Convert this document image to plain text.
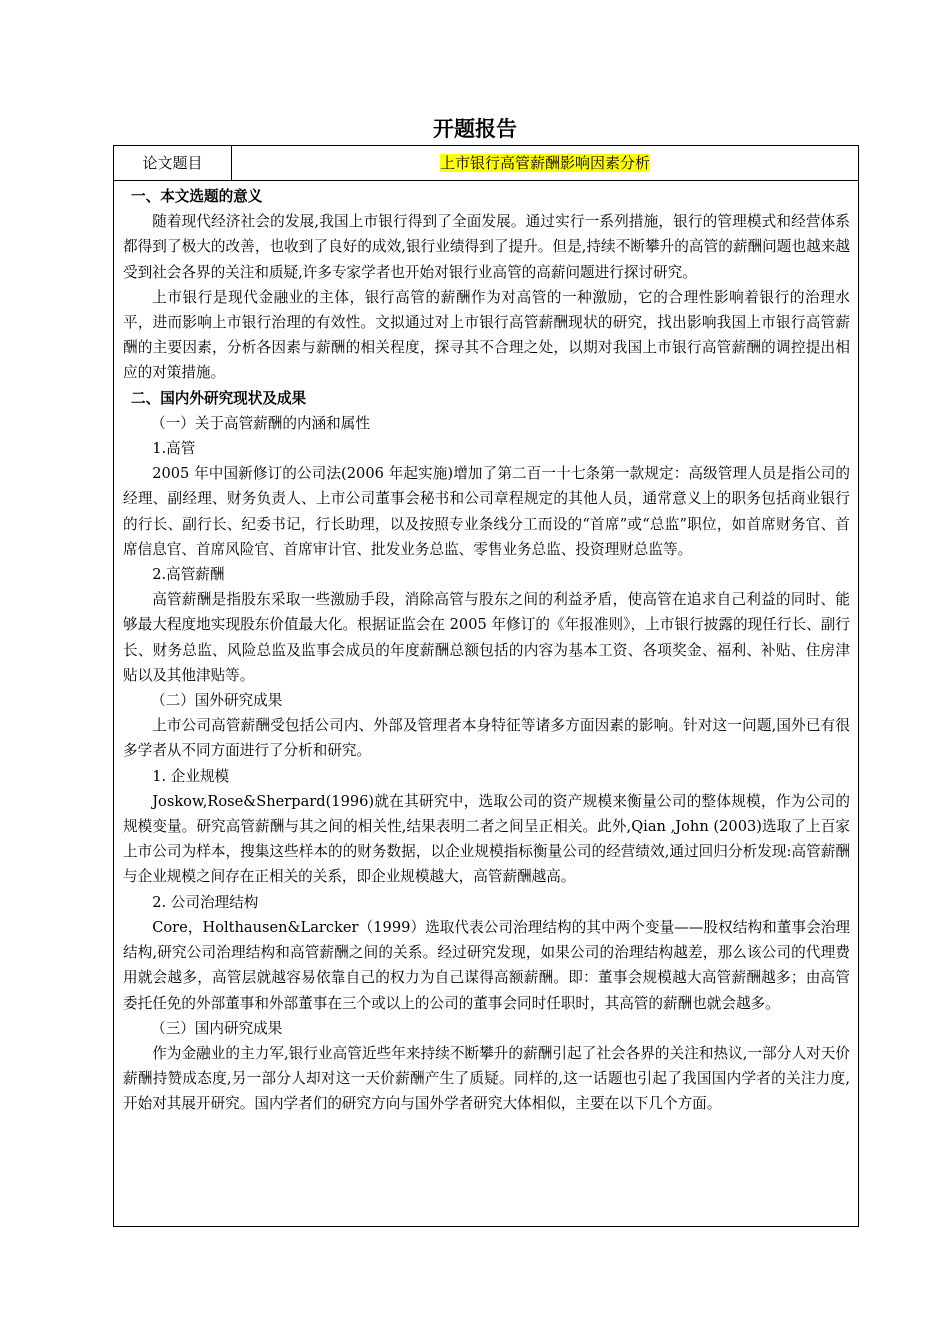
开题报告
论文题目	上市银行高管薪酬影响因素分析

一、本文选题的意义

随着现代经济社会的发展,我国上市银行得到了全面发展。通过实行一系列措施，银行的管理模式和经营体系都得到了极大的改善，也收到了良好的成效,银行业绩得到了提升。但是,持续不断攀升的高管的薪酬问题也越来越受到社会各界的关注和质疑,许多专家学者也开始对银行业高管的高薪问题进行探讨研究。

上市银行是现代金融业的主体，银行高管的薪酬作为对高管的一种激励，它的合理性影响着银行的治理水平，进而影响上市银行治理的有效性。文拟通过对上市银行高管薪酬现状的研究，找出影响我国上市银行高管薪酬的主要因素，分析各因素与薪酬的相关程度，探寻其不合理之处，以期对我国上市银行高管薪酬的调控提出相应的对策措施。

二、国内外研究现状及成果

（一）关于高管薪酬的内涵和属性

1.高管

2005 年中国新修订的公司法(2006 年起实施)增加了第二百一十七条第一款规定：高级管理人员是指公司的经理、副经理、财务负责人、上市公司董事会秘书和公司章程规定的其他人员，通常意义上的职务包括商业银行的行长、副行长、纪委书记，行长助理，以及按照专业条线分工而设的“首席”或“总监”职位，如首席财务官、首席信息官、首席风险官、首席审计官、批发业务总监、零售业务总监、投资理财总监等。

2.高管薪酬

高管薪酬是指股东采取一些激励手段，消除高管与股东之间的利益矛盾，使高管在追求自己利益的同时、能够最大程度地实现股东价值最大化。根据证监会在 2005 年修订的《年报准则》，上市银行披露的现任行长、副行长、财务总监、风险总监及监事会成员的年度薪酬总额包括的内容为基本工资、各项奖金、福利、补贴、住房津贴以及其他津贴等。

（二）国外研究成果

上市公司高管薪酬受包括公司内、外部及管理者本身特征等诸多方面因素的影响。针对这一问题,国外已有很多学者从不同方面进行了分析和研究。

1. 企业规模

Joskow,Rose&Sherpard(1996)就在其研究中，选取公司的资产规模来衡量公司的整体规模，作为公司的规模变量。研究高管薪酬与其之间的相关性,结果表明二者之间呈正相关。此外,Qian ,John (2003)选取了上百家上市公司为样本，搜集这些样本的的财务数据，以企业规模指标衡量公司的经营绩效,通过回归分析发现:高管薪酬与企业规模之间存在正相关的关系，即企业规模越大，高管薪酬越高。

2. 公司治理结构

Core，Holthausen&Larcker（1999）选取代表公司治理结构的其中两个变量——股权结构和董事会治理结构,研究公司治理结构和高管薪酬之间的关系。经过研究发现，如果公司的治理结构越差，那么该公司的代理费用就会越多，高管层就越容易依靠自己的权力为自己谋得高额薪酬。即：董事会规模越大高管薪酬越多；由高管委托任免的外部董事和外部董事在三个或以上的公司的董事会同时任职时，其高管的薪酬也就会越多。

（三）国内研究成果

作为金融业的主力军,银行业高管近些年来持续不断攀升的薪酬引起了社会各界的关注和热议,一部分人对天价薪酬持赞成态度,另一部分人却对这一天价薪酬产生了质疑。同样的,这一话题也引起了我国国内学者的关注力度,开始对其展开研究。国内学者们的研究方向与国外学者研究大体相似，主要在以下几个方面。
